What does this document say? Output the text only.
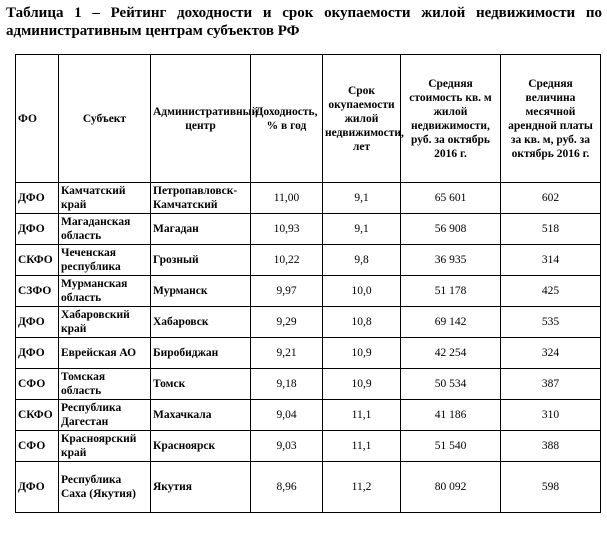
Таблица 1 – Рейтинг доходности и срок окупаемости жилой недвижимости по административным центрам субъектов РФ
ФО	Субъект	Административный центр	Доходность, % в год	Срок окупаемости жилой недвижимости, лет	Средняя стоимость кв. м жилой недвижимости, руб. за октябрь 2016 г.	Средняя величина месячной арендной платы за кв. м, руб. за октябрь 2016 г.
ДФО	Камчатский край	Петропавловск-Камчатский	11,00	9,1	65 601	602
ДФО	Магаданская область	Магадан	10,93	9,1	56 908	518
СКФО	Чеченская республика	Грозный	10,22	9,8	36 935	314
СЗФО	Мурманская область	Мурманск	9,97	10,0	51 178	425
ДФО	Хабаровский край	Хабаровск	9,29	10,8	69 142	535
ДФО	Еврейская АО	Биробиджан	9,21	10,9	42 254	324
СФО	Томская область	Томск	9,18	10,9	50 534	387
СКФО	Республика Дагестан	Махачкала	9,04	11,1	41 186	310
СФО	Красноярский край	Красноярск	9,03	11,1	51 540	388
ДФО	Республика Саха (Якутия)	Якутия	8,96	11,2	80 092	598
